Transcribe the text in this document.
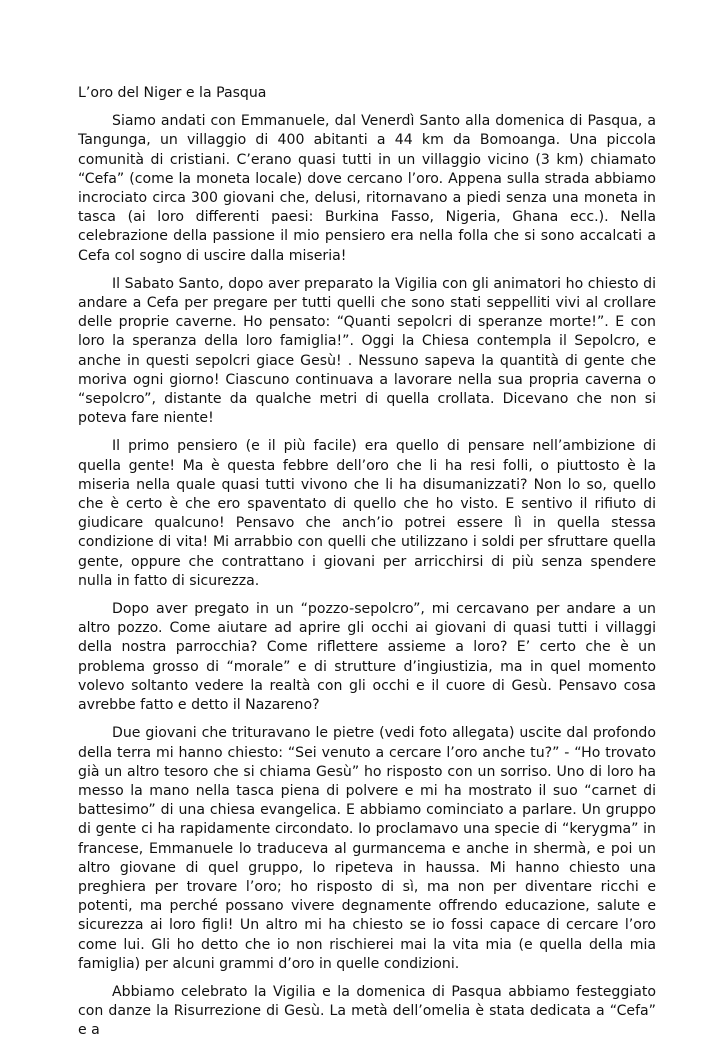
L’oro del Niger e la Pasqua

Siamo andati con Emmanuele, dal Venerdì Santo alla domenica di Pasqua, a Tangunga, un villaggio di 400 abitanti a 44 km da Bomoanga. Una piccola comunità di cristiani. C’erano quasi tutti in un villaggio vicino (3 km) chiamato “Cefa” (come la moneta locale) dove cercano l’oro. Appena sulla strada abbiamo incrociato circa 300 giovani che, delusi, ritornavano a piedi senza una moneta in tasca (ai loro differenti paesi: Burkina Fasso, Nigeria, Ghana ecc.). Nella celebrazione della passione il mio pensiero era nella folla che si sono accalcati a Cefa col sogno di uscire dalla miseria!

Il Sabato Santo, dopo aver preparato la Vigilia con gli animatori ho chiesto di andare a Cefa per pregare per tutti quelli che sono stati seppelliti vivi al crollare delle proprie caverne. Ho pensato: “Quanti sepolcri di speranze morte!”. E con loro la speranza della loro famiglia!”. Oggi la Chiesa contempla il Sepolcro, e anche in questi sepolcri giace Gesù! . Nessuno sapeva la quantità di gente che moriva ogni giorno! Ciascuno continuava a lavorare nella sua propria caverna o “sepolcro”, distante da qualche metri di quella crollata. Dicevano che non si poteva fare niente!

Il primo pensiero (e il più facile) era quello di pensare nell’ambizione di quella gente! Ma è questa febbre dell’oro che li ha resi folli, o piuttosto è la miseria nella quale quasi tutti vivono che li ha disumanizzati? Non lo so, quello che è certo è che ero spaventato di quello che ho visto. E sentivo il rifiuto di giudicare qualcuno! Pensavo che anch’io potrei essere lì in quella stessa condizione di vita! Mi arrabbio con quelli che utilizzano i soldi per sfruttare quella gente, oppure che contrattano i giovani per arricchirsi di più senza spendere nulla in fatto di sicurezza.

Dopo aver pregato in un “pozzo-sepolcro”, mi cercavano per andare a un altro pozzo. Come aiutare ad aprire gli occhi ai giovani di quasi tutti i villaggi della nostra parrocchia? Come riflettere assieme a loro? E’ certo che è un problema grosso di “morale” e di strutture d’ingiustizia, ma in quel momento volevo soltanto vedere la realtà con gli occhi e il cuore di Gesù. Pensavo cosa avrebbe fatto e detto il Nazareno?

Due giovani che trituravano le pietre (vedi foto allegata) uscite dal profondo della terra mi hanno chiesto: “Sei venuto a cercare l’oro anche tu?” - “Ho trovato già un altro tesoro che si chiama Gesù” ho risposto con un sorriso. Uno di loro ha messo la mano nella tasca piena di polvere e mi ha mostrato il suo “carnet di battesimo” di una chiesa evangelica. E abbiamo cominciato a parlare. Un gruppo di gente ci ha rapidamente circondato. Io proclamavo una specie di “kerygma” in francese, Emmanuele lo traduceva al gurmancema e anche in shermà, e poi un altro giovane di quel gruppo, lo ripeteva in haussa. Mi hanno chiesto una preghiera per trovare l’oro; ho risposto di sì, ma non per diventare ricchi e potenti, ma perché possano vivere degnamente offrendo educazione, salute e sicurezza ai loro figli! Un altro mi ha chiesto se io fossi capace di cercare l’oro come lui. Gli ho detto che io non rischierei mai la vita mia (e quella della mia famiglia) per alcuni grammi d’oro in quelle condizioni.

Abbiamo celebrato la Vigilia e la domenica di Pasqua abbiamo festeggiato con danze la Risurrezione di Gesù. La metà dell’omelia è stata dedicata a “Cefa” e a
